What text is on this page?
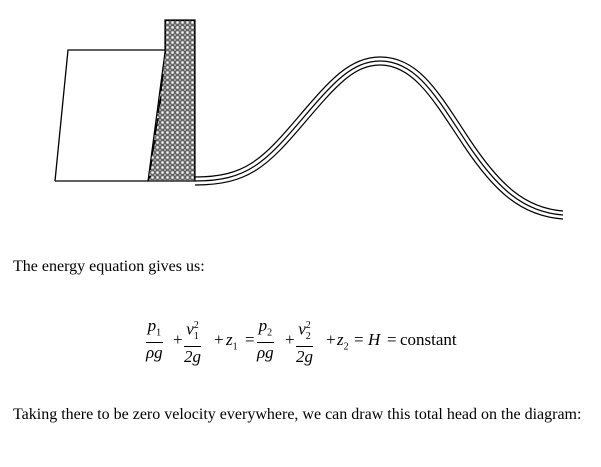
The energy equation gives us:
$\frac{p_1}{\rho g} + \frac{v^2_1}{2g} + z_1 = \frac{p_2}{\rho g} + \frac{v^2_2}{2g} + z_2 = H$ = constant
Taking there to be zero velocity everywhere, we can draw this total head on the diagram:
